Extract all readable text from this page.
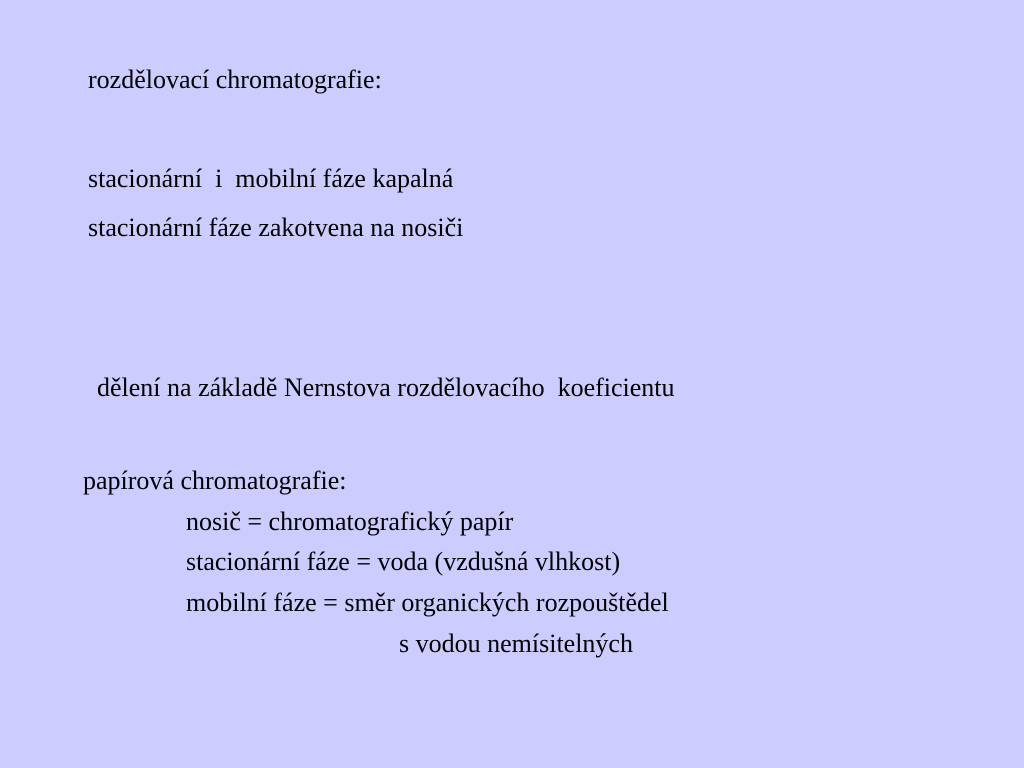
rozdělovací chromatografie:
stacionární  i  mobilní fáze kapalná
stacionární fáze zakotvena na nosiči
dělení na základě Nernstova rozdělovacího  koeficientu
papírová chromatografie:
nosič = chromatografický papír
stacionární fáze = voda (vzdušná vlhkost)
mobilní fáze = směr organických rozpouštědel
s vodou nemísitelných
